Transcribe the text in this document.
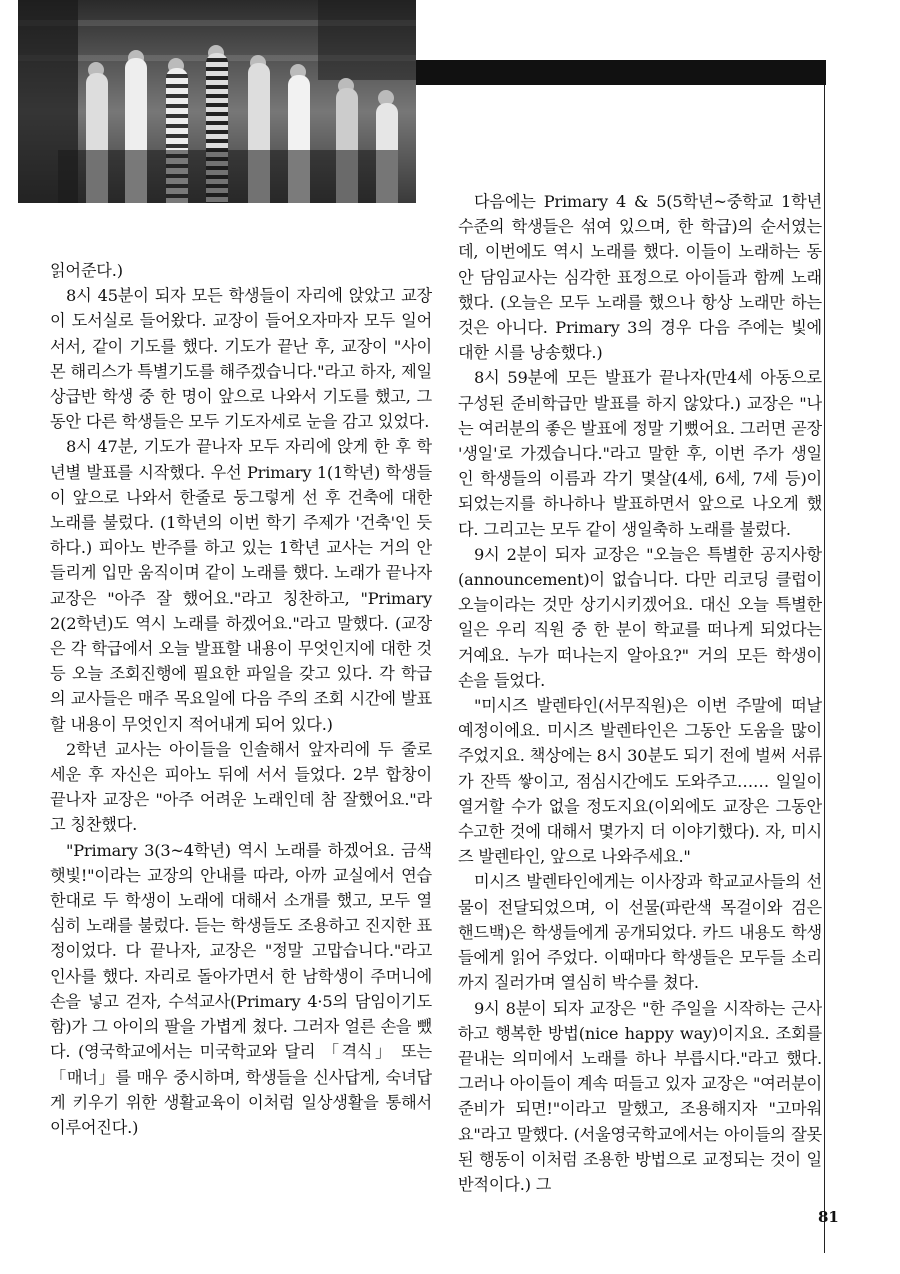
읽어준다.)

8시 45분이 되자 모든 학생들이 자리에 앉았고 교장이 도서실로 들어왔다. 교장이 들어오자마자 모두 일어서서, 같이 기도를 했다. 기도가 끝난 후, 교장이 "사이몬 해리스가 특별기도를 해주겠습니다."라고 하자, 제일 상급반 학생 중 한 명이 앞으로 나와서 기도를 했고, 그동안 다른 학생들은 모두 기도자세로 눈을 감고 있었다.

8시 47분, 기도가 끝나자 모두 자리에 앉게 한 후 학년별 발표를 시작했다. 우선 Primary 1(1학년) 학생들이 앞으로 나와서 한줄로 둥그렇게 선 후 건축에 대한 노래를 불렀다. (1학년의 이번 학기 주제가 '건축'인 듯 하다.) 피아노 반주를 하고 있는 1학년 교사는 거의 안들리게 입만 움직이며 같이 노래를 했다. 노래가 끝나자 교장은 "아주 잘 했어요."라고 칭찬하고, "Primary 2(2학년)도 역시 노래를 하겠어요."라고 말했다. (교장은 각 학급에서 오늘 발표할 내용이 무엇인지에 대한 것 등 오늘 조회진행에 필요한 파일을 갖고 있다. 각 학급의 교사들은 매주 목요일에 다음 주의 조회 시간에 발표할 내용이 무엇인지 적어내게 되어 있다.)

2학년 교사는 아이들을 인솔해서 앞자리에 두 줄로 세운 후 자신은 피아노 뒤에 서서 들었다. 2부 합창이 끝나자 교장은 "아주 어려운 노래인데 참 잘했어요."라고 칭찬했다.

"Primary 3(3~4학년) 역시 노래를 하겠어요. 금색 햇빛!"이라는 교장의 안내를 따라, 아까 교실에서 연습한대로 두 학생이 노래에 대해서 소개를 했고, 모두 열심히 노래를 불렀다. 듣는 학생들도 조용하고 진지한 표정이었다. 다 끝나자, 교장은 "정말 고맙습니다."라고 인사를 했다. 자리로 돌아가면서 한 남학생이 주머니에 손을 넣고 걷자, 수석교사(Primary 4·5의 담임이기도 함)가 그 아이의 팔을 가볍게 쳤다. 그러자 얼른 손을 뺐다. (영국학교에서는 미국학교와 달리 「격식」 또는 「매너」를 매우 중시하며, 학생들을 신사답게, 숙녀답게 키우기 위한 생활교육이 이처럼 일상생활을 통해서 이루어진다.)

다음에는 Primary 4 & 5(5학년~중학교 1학년 수준의 학생들은 섞여 있으며, 한 학급)의 순서였는데, 이번에도 역시 노래를 했다. 이들이 노래하는 동안 담임교사는 심각한 표정으로 아이들과 함께 노래했다. (오늘은 모두 노래를 했으나 항상 노래만 하는 것은 아니다. Primary 3의 경우 다음 주에는 빛에 대한 시를 낭송했다.)

8시 59분에 모든 발표가 끝나자(만4세 아동으로 구성된 준비학급만 발표를 하지 않았다.) 교장은 "나는 여러분의 좋은 발표에 정말 기뻤어요. 그러면 곧장 '생일'로 가겠습니다."라고 말한 후, 이번 주가 생일인 학생들의 이름과 각기 몇살(4세, 6세, 7세 등)이 되었는지를 하나하나 발표하면서 앞으로 나오게 했다. 그리고는 모두 같이 생일축하 노래를 불렀다.

9시 2분이 되자 교장은 "오늘은 특별한 공지사항(announcement)이 없습니다. 다만 리코딩 클럽이 오늘이라는 것만 상기시키겠어요. 대신 오늘 특별한 일은 우리 직원 중 한 분이 학교를 떠나게 되었다는 거예요. 누가 떠나는지 알아요?" 거의 모든 학생이 손을 들었다.

"미시즈 발렌타인(서무직원)은 이번 주말에 떠날 예정이에요. 미시즈 발렌타인은 그동안 도움을 많이 주었지요. 책상에는 8시 30분도 되기 전에 벌써 서류가 잔뜩 쌓이고, 점심시간에도 도와주고…… 일일이 열거할 수가 없을 정도지요(이외에도 교장은 그동안 수고한 것에 대해서 몇가지 더 이야기했다). 자, 미시즈 발렌타인, 앞으로 나와주세요."

미시즈 발렌타인에게는 이사장과 학교교사들의 선물이 전달되었으며, 이 선물(파란색 목걸이와 검은 핸드백)은 학생들에게 공개되었다. 카드 내용도 학생들에게 읽어 주었다. 이때마다 학생들은 모두들 소리까지 질러가며 열심히 박수를 쳤다.

9시 8분이 되자 교장은 "한 주일을 시작하는 근사하고 행복한 방법(nice happy way)이지요. 조회를 끝내는 의미에서 노래를 하나 부릅시다."라고 했다. 그러나 아이들이 계속 떠들고 있자 교장은 "여러분이 준비가 되면!"이라고 말했고, 조용해지자 "고마워요"라고 말했다. (서울영국학교에서는 아이들의 잘못된 행동이 이처럼 조용한 방법으로 교정되는 것이 일반적이다.) 그

81
